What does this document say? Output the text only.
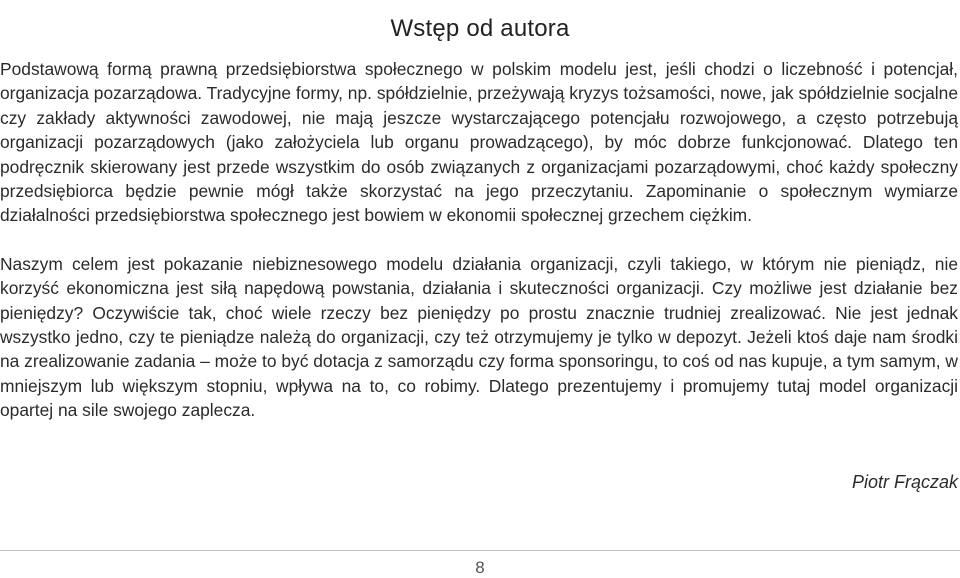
Wstęp od autora

Podstawową formą prawną przedsiębiorstwa społecznego w polskim modelu jest, jeśli chodzi o liczebność i potencjał, organizacja pozarządowa. Tradycyjne formy, np. spółdzielnie, przeżywają kryzys tożsamości, nowe, jak spółdzielnie socjalne czy zakłady aktywności zawodowej, nie mają jeszcze wystarczającego potencjału rozwojowego, a często potrzebują organizacji pozarządowych (jako założyciela lub organu prowadzącego), by móc dobrze funkcjonować. Dlatego ten podręcznik skierowany jest przede wszystkim do osób związanych z organizacjami pozarządowymi, choć każdy społeczny przedsiębiorca będzie pewnie mógł także skorzystać na jego przeczytaniu. Zapominanie o społecznym wymiarze działalności przedsiębiorstwa społecznego jest bowiem w ekonomii społecznej grzechem ciężkim.

Naszym celem jest pokazanie niebiznesowego modelu działania organizacji, czyli takiego, w którym nie pieniądz, nie korzyść ekonomiczna jest siłą napędową powstania, działania i skuteczności organizacji. Czy możliwe jest działanie bez pieniędzy? Oczywiście tak, choć wiele rzeczy bez pieniędzy po prostu znacznie trudniej zrealizować. Nie jest jednak wszystko jedno, czy te pieniądze należą do organizacji, czy też otrzymujemy je tylko w depozyt. Jeżeli ktoś daje nam środki na zrealizowanie zadania – może to być dotacja z samorządu czy forma sponsoringu, to coś od nas kupuje, a tym samym, w mniejszym lub większym stopniu, wpływa na to, co robimy. Dlatego prezentujemy i promujemy tutaj model organizacji opartej na sile swojego zaplecza.

Piotr Frączak
8
